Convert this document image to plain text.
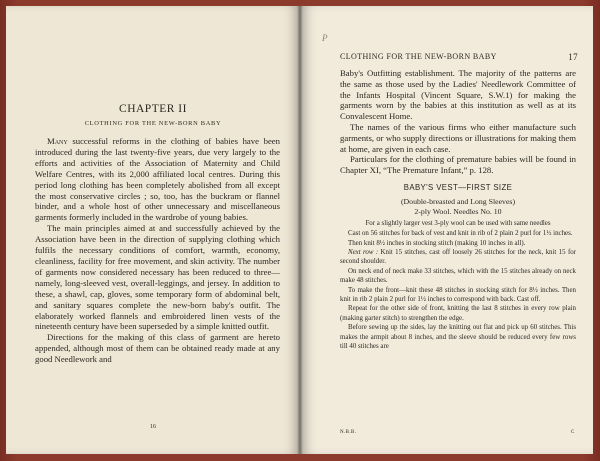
CHAPTER II
CLOTHING FOR THE NEW-BORN BABY

Many successful reforms in the clothing of babies have been introduced during the last twenty-five years, due very largely to the efforts and activities of the Association of Maternity and Child Welfare Centres, with its 2,000 affiliated local centres. During this period long clothing has been completely abolished from all except the most conservative circles ; so, too, has the buckram or flannel binder, and a whole host of other unnecessary and miscellaneous garments formerly included in the wardrobe of young babies.

The main principles aimed at and successfully achieved by the Association have been in the direction of supplying clothing which fulfils the necessary conditions of comfort, warmth, economy, cleanliness, facility for free movement, and skin activity. The number of garments now considered necessary has been reduced to three—namely, long-sleeved vest, overall-leggings, and jersey. In addition to these, a shawl, cap, gloves, some temporary form of abdominal belt, and sanitary squares complete the new-born baby's outfit. The elaborately worked flannels and embroidered linen vests of the nineteenth century have been superseded by a simple knitted outfit.

Directions for the making of this class of garment are hereto appended, although most of them can be obtained ready made at any good Needlework and

16
CLOTHING FOR THE NEW-BORN BABY	17

Baby's Outfitting establishment. The majority of the patterns are the same as those used by the Ladies' Needlework Committee of the Infants Hospital (Vincent Square, S.W.1) for making the garments worn by the babies at this institution as well as at its Convalescent Home.

The names of the various firms who either manufacture such garments, or who supply directions or illustrations for making them at home, are given in each case.

Particulars for the clothing of premature babies will be found in Chapter XI, “The Premature Infant,” p. 128.

BABY'S VEST—FIRST SIZE
(Double-breasted and Long Sleeves)
2-ply Wool. Needles No. 10
For a slightly larger vest 3-ply wool can be used with same needles

Cast on 56 stitches for back of vest and knit in rib of 2 plain 2 purl for 1½ inches.

Then knit 8½ inches in stocking stitch (making 10 inches in all).

Next row : Knit 15 stitches, cast off loosely 26 stitches for the neck, knit 15 for second shoulder.

On neck end of neck make 33 stitches, which with the 15 stitches already on neck make 48 stitches.

To make the front—knit these 48 stitches in stocking stitch for 8½ inches. Then knit in rib 2 plain 2 purl for 1½ inches to correspond with back. Cast off.

Repeat for the other side of front, knitting the last 8 stitches in every row plain (making garter stitch) to strengthen the edge.

Before sewing up the sides, lay the knitting out flat and pick up 60 stitches. This makes the armpit about 8 inches, and the sleeve should be reduced every few rows till 40 stitches are

N.B.B.	C
P
